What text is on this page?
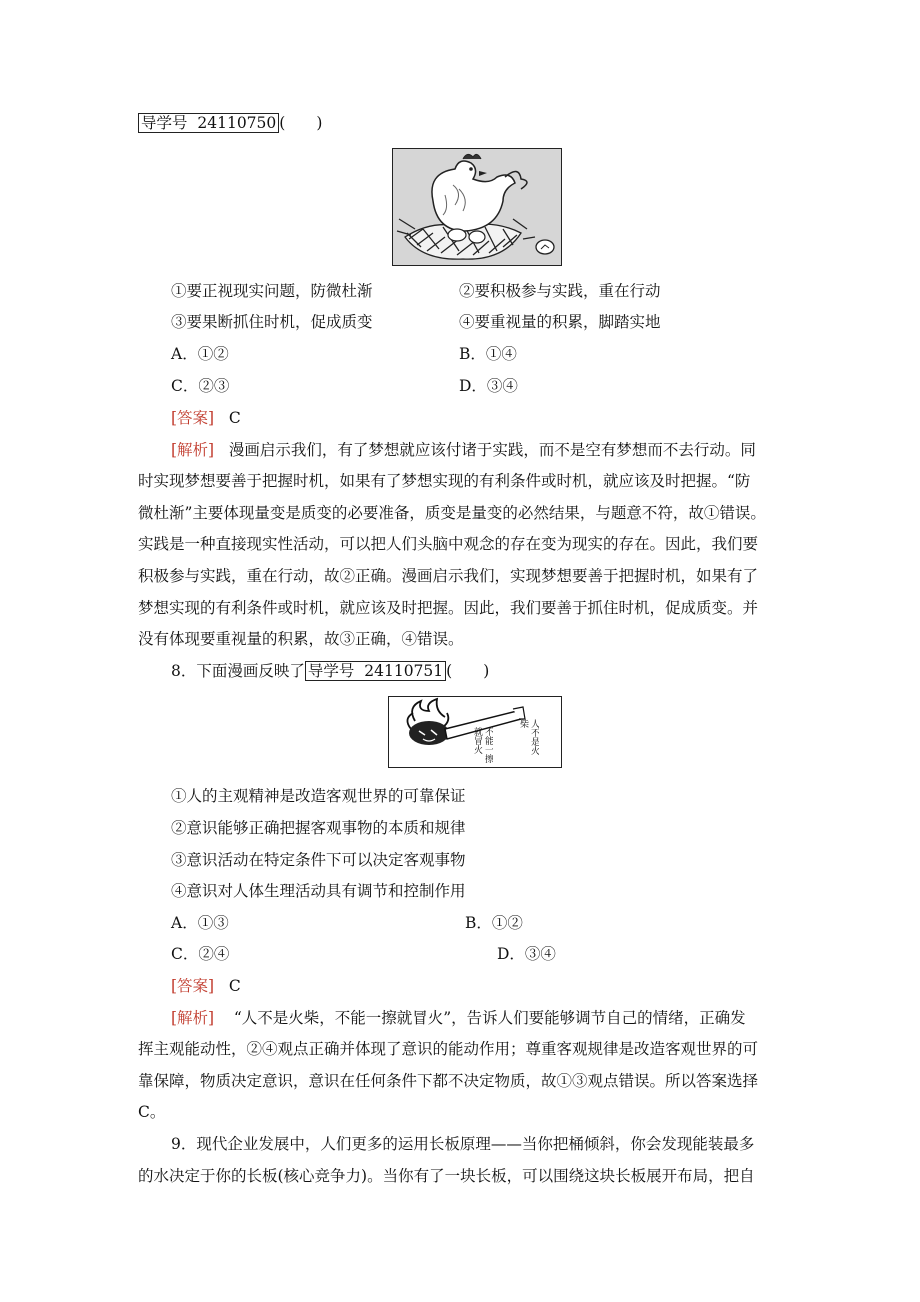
导学号 24110750 (　　)
①要正视现实问题，防微杜渐	②要积极参与实践，重在行动
③要果断抓住时机，促成质变	④要重视量的积累，脚踏实地
A．①②	B．①④
C．②③	D．③④
[答案] C
[解析] 漫画启示我们，有了梦想就应该付诸于实践，而不是空有梦想而不去行动。同
时实现梦想要善于把握时机，如果有了梦想实现的有利条件或时机，就应该及时把握。“防
微杜渐”主要体现量变是质变的必要准备，质变是量变的必然结果，与题意不符，故①错误。
实践是一种直接现实性活动，可以把人们头脑中观念的存在变为现实的存在。因此，我们要
积极参与实践，重在行动，故②正确。漫画启示我们，实现梦想要善于把握时机，如果有了
梦想实现的有利条件或时机，就应该及时把握。因此，我们要善于抓住时机，促成质变。并
没有体现要重视量的积累，故③正确，④错误。
8．下面漫画反映了 导学号 24110751 (　　)
不能一擦就冒火	人不是火柴
①人的主观精神是改造客观世界的可靠保证
②意识能够正确把握客观事物的本质和规律
③意识活动在特定条件下可以决定客观事物
④意识对人体生理活动具有调节和控制作用
A．①③	B．①②
C．②④	D．③④
[答案] C
[解析] “人不是火柴，不能一擦就冒火”，告诉人们要能够调节自己的情绪，正确发
挥主观能动性，②④观点正确并体现了意识的能动作用；尊重客观规律是改造客观世界的可
靠保障，物质决定意识，意识在任何条件下都不决定物质，故①③观点错误。所以答案选择
C。
9．现代企业发展中，人们更多的运用长板原理——当你把桶倾斜，你会发现能装最多
的水决定于你的长板(核心竞争力)。当你有了一块长板，可以围绕这块长板展开布局，把自
